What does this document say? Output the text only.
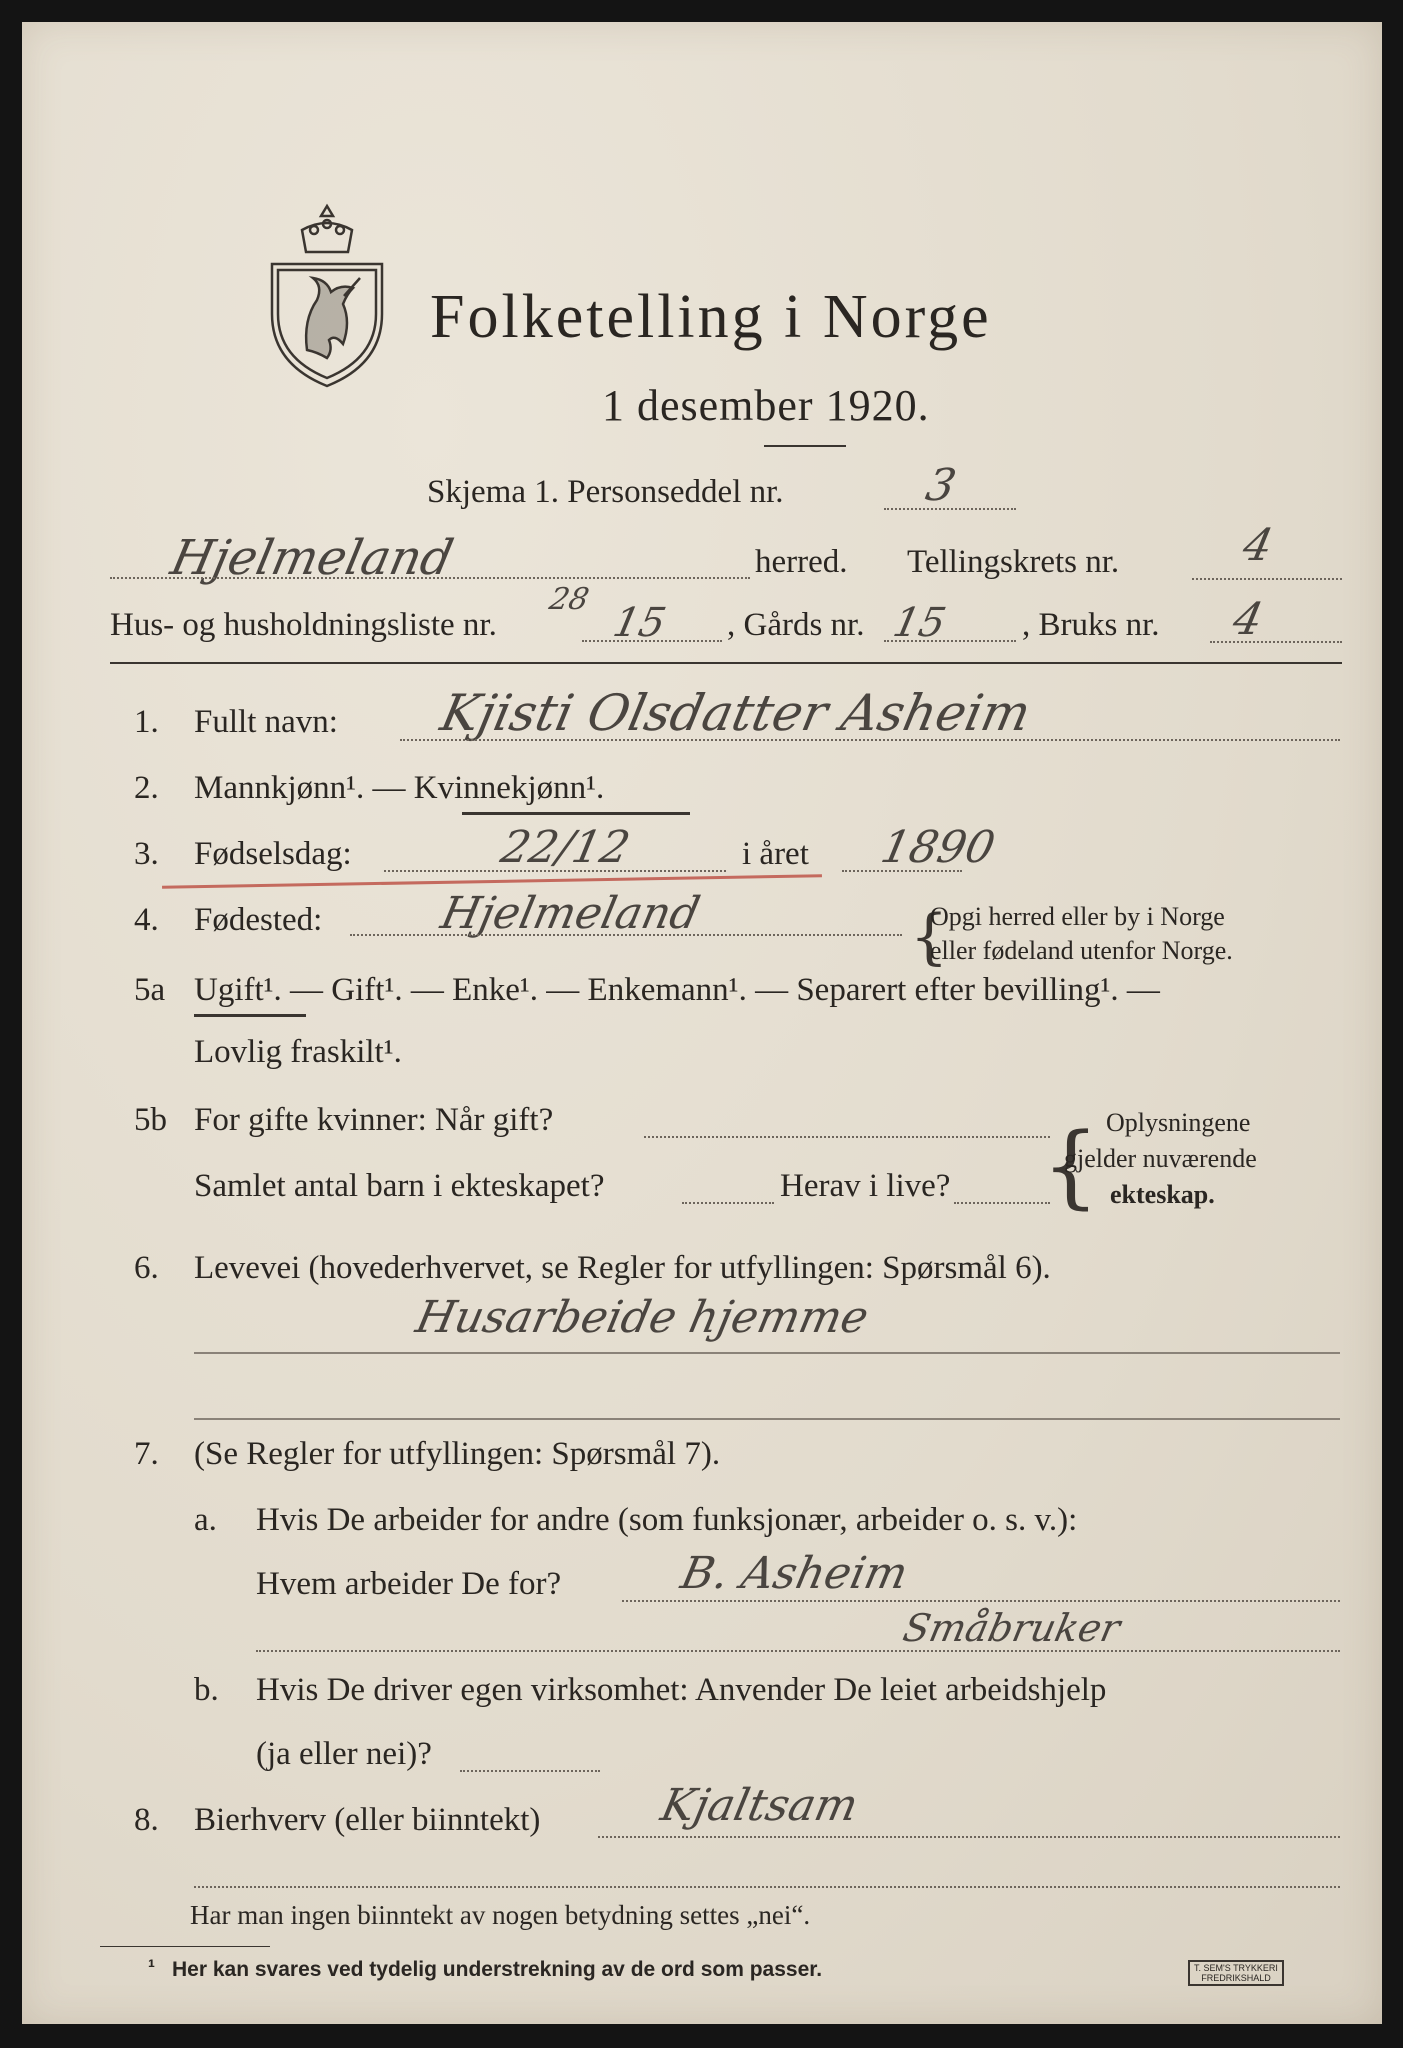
Folketelling i Norge
1 desember 1920.
Skjema 1. Personseddel nr.	3
Hjelmeland	herred. Tellingskrets nr.	4
Hus- og husholdningsliste nr.
28
15 , Gårds nr. 15 , Bruks nr. 4
1. Fullt navn: Kjisti Olsdatter Asheim
2. Mannkjønn¹. — Kvinnekjønn¹.
3. Fødselsdag:	22/12	i året 1890
4. Fødested:	Hjelmeland	{
Opgi herred eller by i Norge
eller fødeland utenfor Norge.
5a Ugift¹. — Gift¹. — Enke¹. — Enkemann¹. — Separert efter bevilling¹. —
Lovlig fraskilt¹.
5b For gifte kvinner: Når gift?
Samlet antal barn i ekteskapet?	Herav i live? { Oplysningene
gjelder nuværende
ekteskap.
6. Levevei (hovederhvervet, se Regler for utfyllingen: Spørsmål 6).
Husarbeide hjemme
7. (Se Regler for utfyllingen: Spørsmål 7).
a. Hvis De arbeider for andre (som funksjonær, arbeider o. s. v.):
Hvem arbeider De for?	B. Asheim
Småbruker
b. Hvis De driver egen virksomhet: Anvender De leiet arbeidshjelp
(ja eller nei)?
8. Bierhverv (eller biinntekt)	Kjaltsam
Har man ingen biinntekt av nogen betydning settes „nei“.
¹ Her kan svares ved tydelig understrekning av de ord som passer.	T. SEM'S TRYKKERI
FREDRIKSHALD
